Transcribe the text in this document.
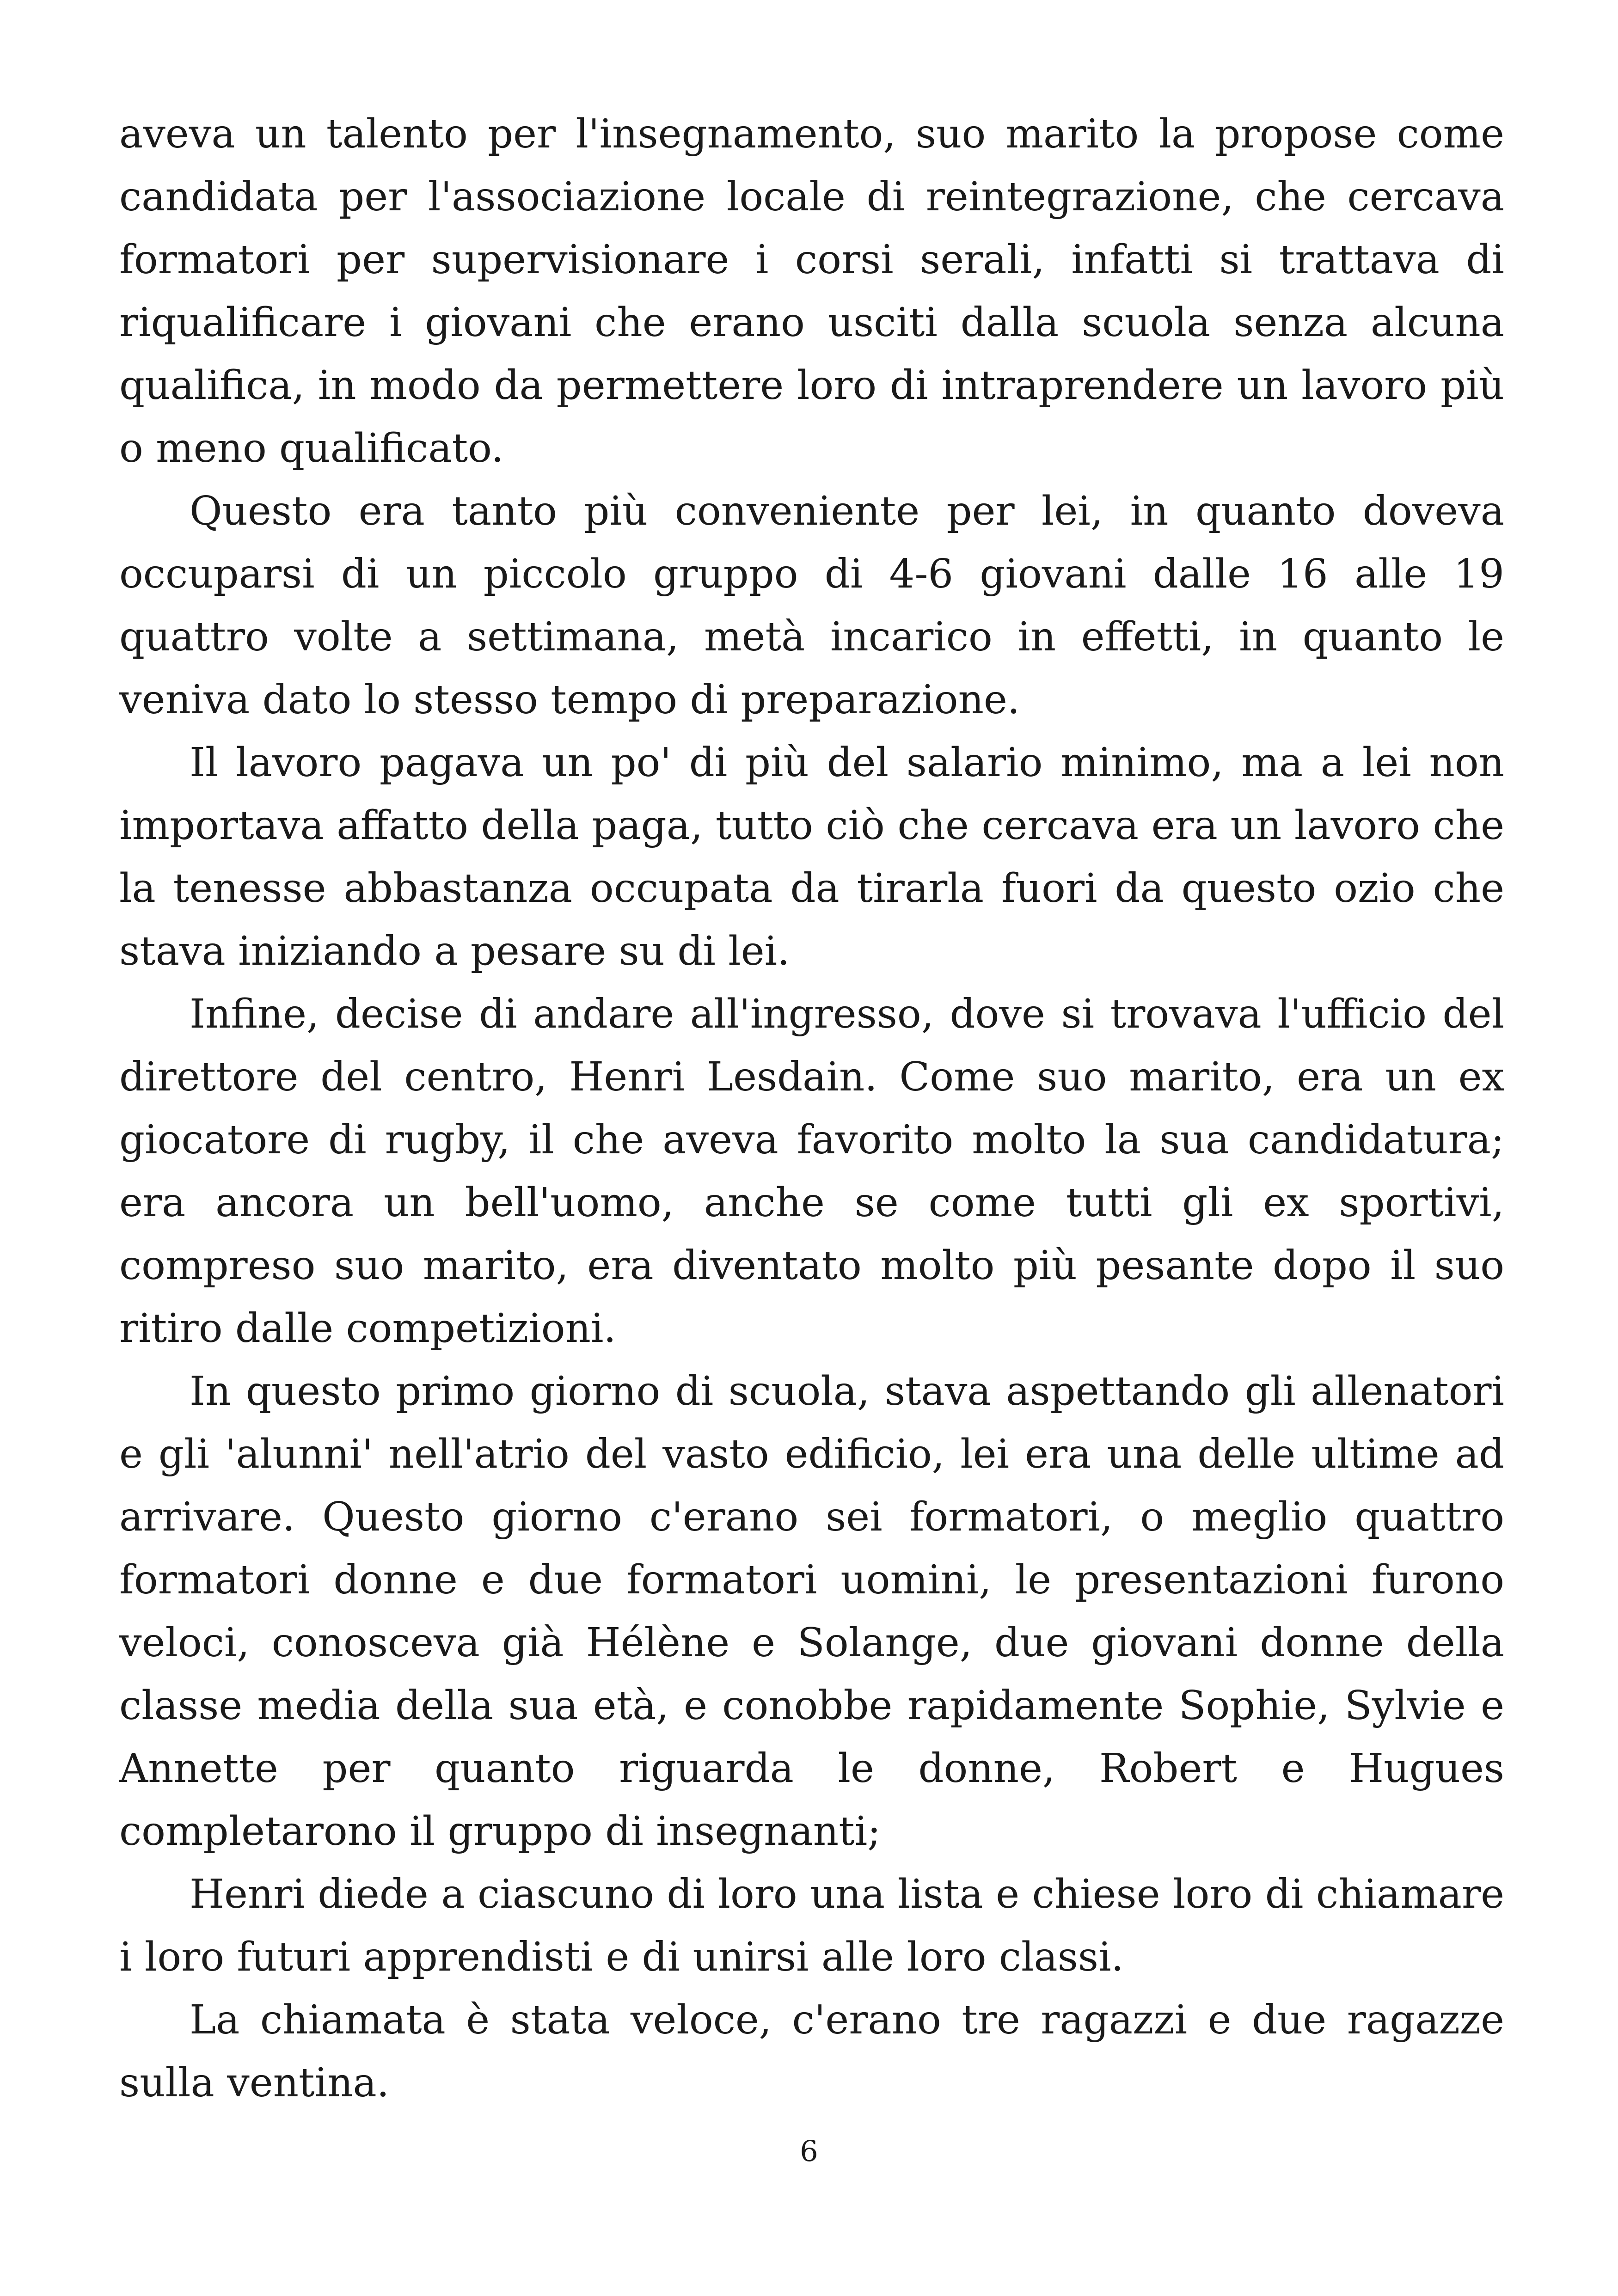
aveva un talento per l'insegnamento, suo marito la propose come candidata per l'associazione locale di reintegrazione, che cercava formatori per supervisionare i corsi serali, infatti si trattava di riqualificare i giovani che erano usciti dalla scuola senza alcuna qualifica, in modo da permettere loro di intraprendere un lavoro più o meno qualificato.

Questo era tanto più conveniente per lei, in quanto doveva occuparsi di un piccolo gruppo di 4-6 giovani dalle 16 alle 19 quattro volte a settimana, metà incarico in effetti, in quanto le veniva dato lo stesso tempo di preparazione.

Il lavoro pagava un po' di più del salario minimo, ma a lei non importava affatto della paga, tutto ciò che cercava era un lavoro che la tenesse abbastanza occupata da tirarla fuori da questo ozio che stava iniziando a pesare su di lei.

Infine, decise di andare all'ingresso, dove si trovava l'ufficio del direttore del centro, Henri Lesdain. Come suo marito, era un ex giocatore di rugby, il che aveva favorito molto la sua candidatura; era ancora un bell'uomo, anche se come tutti gli ex sportivi, compreso suo marito, era diventato molto più pesante dopo il suo ritiro dalle competizioni.

In questo primo giorno di scuola, stava aspettando gli allenatori e gli 'alunni' nell'atrio del vasto edificio, lei era una delle ultime ad arrivare. Questo giorno c'erano sei formatori, o meglio quattro formatori donne e due formatori uomini, le presentazioni furono veloci, conosceva già Hélène e Solange, due giovani donne della classe media della sua età, e conobbe rapidamente Sophie, Sylvie e Annette per quanto riguarda le donne, Robert e Hugues completarono il gruppo di insegnanti;

Henri diede a ciascuno di loro una lista e chiese loro di chiamare i loro futuri apprendisti e di unirsi alle loro classi.

La chiamata è stata veloce, c'erano tre ragazzi e due ragazze sulla ventina.

6
